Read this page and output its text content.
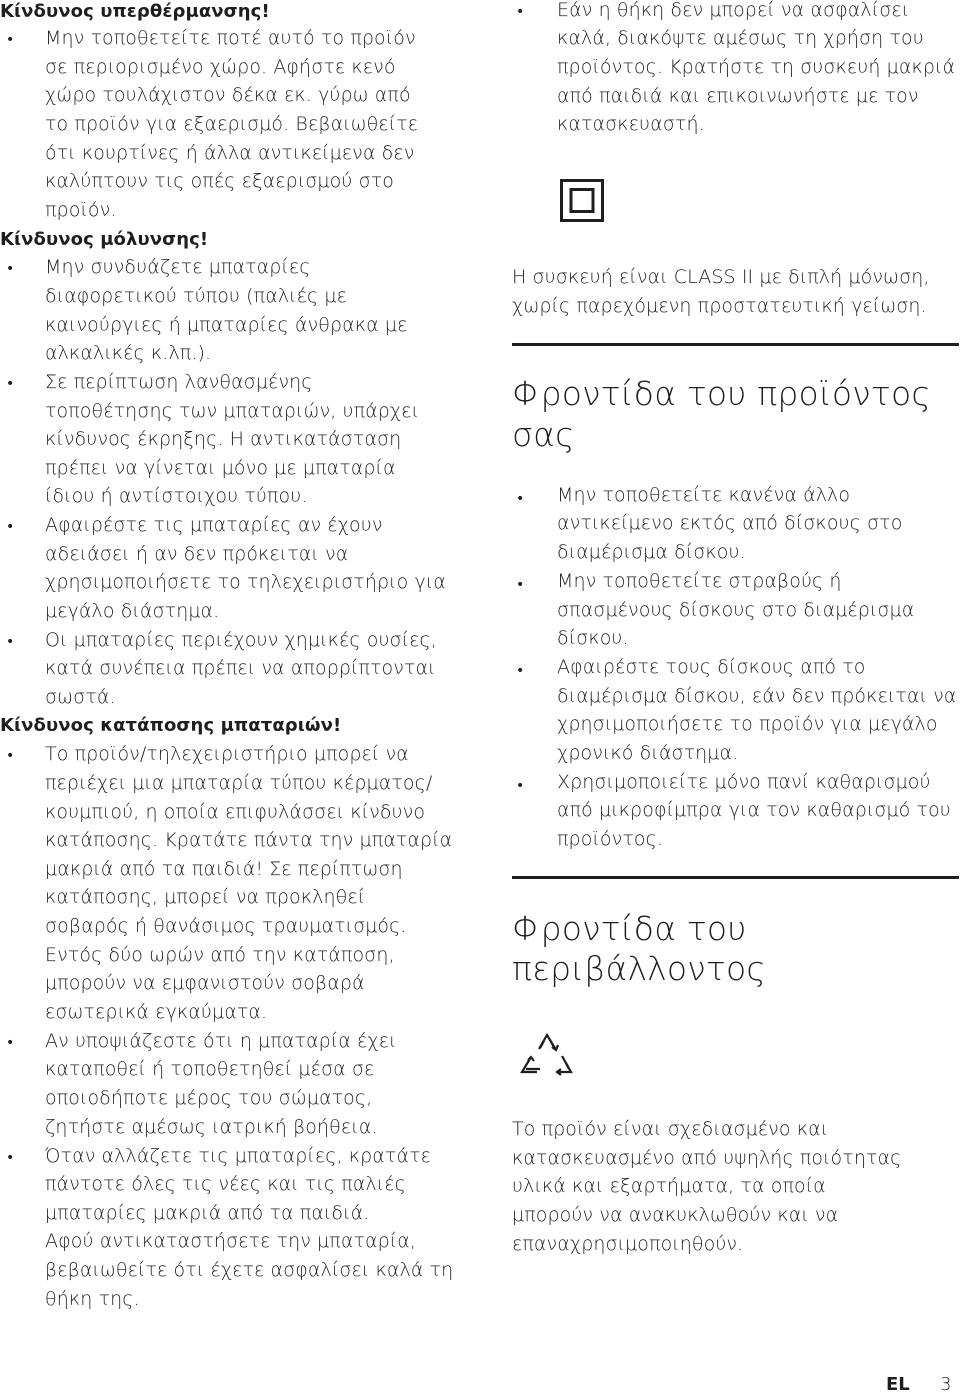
Κίνδυνος υπερθέρμανσης!

• Μην τοποθετείτε ποτέ αυτό το προϊόν

σε περιορισμένο χώρο. Αφήστε κενό

χώρο τουλάχιστον δέκα εκ. γύρω από

το προϊόν για εξαερισμό. Βεβαιωθείτε

ότι κουρτίνες ή άλλα αντικείμενα δεν

καλύπτουν τις οπές εξαερισμού στο

προϊόν.

Κίνδυνος μόλυνσης!

• Μην συνδυάζετε μπαταρίες

διαφορετικού τύπου (παλιές με

καινούργιες ή μπαταρίες άνθρακα με

αλκαλικές κ.λπ.).

• Σε περίπτωση λανθασμένης

τοποθέτησης των μπαταριών, υπάρχει

κίνδυνος έκρηξης. Η αντικατάσταση

πρέπει να γίνεται μόνο με μπαταρία

ίδιου ή αντίστοιχου τύπου.

• Αφαιρέστε τις μπαταρίες αν έχουν

αδειάσει ή αν δεν πρόκειται να

χρησιμοποιήσετε το τηλεχειριστήριο για

μεγάλο διάστημα.

• Οι μπαταρίες περιέχουν χημικές ουσίες,

κατά συνέπεια πρέπει να απορρίπτονται

σωστά.

Κίνδυνος κατάποσης μπαταριών!

• Το προϊόν/τηλεχειριστήριο μπορεί να

περιέχει μια μπαταρία τύπου κέρματος/

κουμπιού, η οποία επιφυλάσσει κίνδυνο

κατάποσης. Κρατάτε πάντα την μπαταρία

μακριά από τα παιδιά! Σε περίπτωση

κατάποσης, μπορεί να προκληθεί

σοβαρός ή θανάσιμος τραυματισμός.

Εντός δύο ωρών από την κατάποση,

μπορούν να εμφανιστούν σοβαρά

εσωτερικά εγκαύματα.

• Αν υποψιάζεστε ότι η μπαταρία έχει

καταποθεί ή τοποθετηθεί μέσα σε

οποιοδήποτε μέρος του σώματος,

ζητήστε αμέσως ιατρική βοήθεια.

• Όταν αλλάζετε τις μπαταρίες, κρατάτε

πάντοτε όλες τις νέες και τις παλιές

μπαταρίες μακριά από τα παιδιά.

Αφού αντικαταστήσετε την μπαταρία,

βεβαιωθείτε ότι έχετε ασφαλίσει καλά τη

θήκη της.

• Εάν η θήκη δεν μπορεί να ασφαλίσει

καλά, διακόψτε αμέσως τη χρήση του

προϊόντος. Κρατήστε τη συσκευή μακριά

από παιδιά και επικοινωνήστε με τον

κατασκευαστή.

Η συσκευή είναι CLASS II με διπλή μόνωση,

χωρίς παρεχόμενη προστατευτική γείωση.

Φροντίδα του προϊόντος

σας

• Μην τοποθετείτε κανένα άλλο

αντικείμενο εκτός από δίσκους στο

διαμέρισμα δίσκου.

• Μην τοποθετείτε στραβούς ή

σπασμένους δίσκους στο διαμέρισμα

δίσκου.

• Αφαιρέστε τους δίσκους από το

διαμέρισμα δίσκου, εάν δεν πρόκειται να

χρησιμοποιήσετε το προϊόν για μεγάλο

χρονικό διάστημα.

• Χρησιμοποιείτε μόνο πανί καθαρισμού

από μικροφίμπρα για τον καθαρισμό του

προϊόντος.

Φροντίδα του

περιβάλλοντος

Το προϊόν είναι σχεδιασμένο και

κατασκευασμένο από υψηλής ποιότητας

υλικά και εξαρτήματα, τα οποία

μπορούν να ανακυκλωθούν και να

επαναχρησιμοποιηθούν.

EL 3
